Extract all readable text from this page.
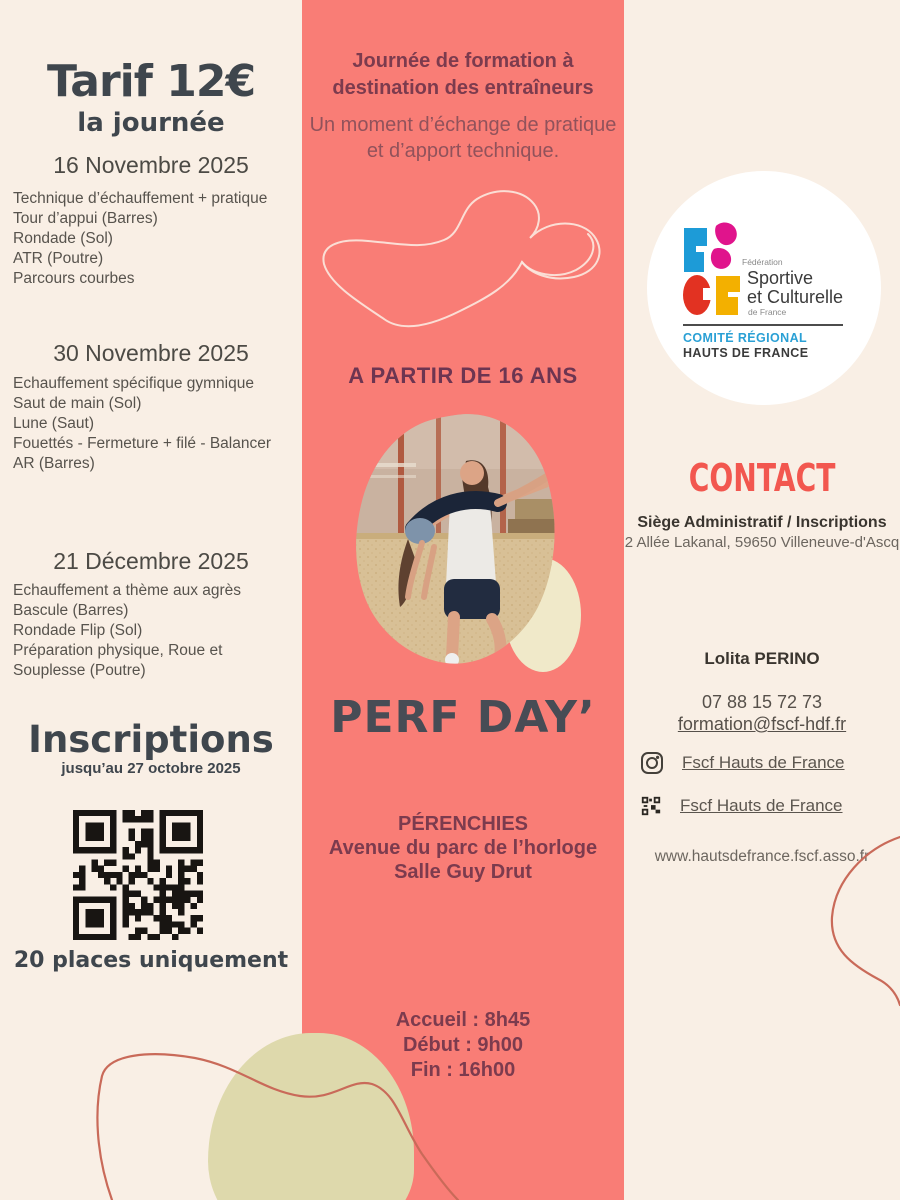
Tarif 12€
la journée
16 Novembre 2025
Technique d’échauffement + pratique
Tour d’appui (Barres)
Rondade (Sol)
ATR (Poutre)
Parcours courbes
30 Novembre 2025
Echauffement spécifique gymnique
Saut de main (Sol)
Lune (Saut)
Fouettés - Fermeture + filé - Balancer AR (Barres)
21 Décembre 2025
Echauffement a thème aux agrès
Bascule (Barres)
Rondade Flip (Sol)
Préparation physique, Roue et Souplesse (Poutre)
Inscriptions
jusqu’au 27 octobre 2025
20 places uniquement
Journée de formation à
destination des entraîneurs
Un moment d’échange de pratique
et d’apport technique.
A PARTIR DE 16 ANS
PERF DAY’
PÉRENCHIES
Avenue du parc de l’horloge
Salle Guy Drut
Accueil : 8h45
Début : 9h00
Fin : 16h00
Fédération
Sportive
et Culturelle
de France
COMITÉ RÉGIONAL
HAUTS DE FRANCE
CONTACT
Siège Administratif / Inscriptions
2 Allée Lakanal, 59650 Villeneuve-d'Ascq
Lolita PERINO
07 88 15 72 73
formation@fscf-hdf.fr
Fscf Hauts de France
Fscf Hauts de France
www.hautsdefrance.fscf.asso.fr
